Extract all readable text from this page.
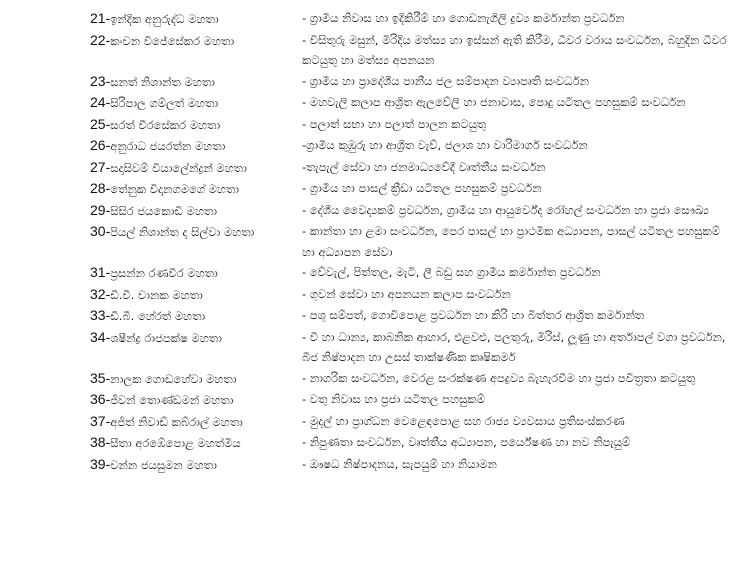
21-ඉන්දික අනුරුද්ධ මහතා	- ග්‍රාමීය නිවාස හා ඉදිකිරීම් හා ගොඩනැගිලි ද්‍රව්‍ය කර්මාන්ත ප්‍රවර්ධන
22-කංචන විජේසේකර මහතා	- විසිතුරු මසුන්, මිරිදිය මත්ස්‍ය හා ඉස්සන් ඇති කිරීම, ධීවර වරාය සංවර්ධන, බහුදින ධීවර කටයුතු හා මත්ස්‍ය අපනයන
23-සනත් නිශාන්ත මහතා	- ග්‍රාමීය හා ප්‍රාදේශීය පානීය ජල සම්පාදන ව්‍යාපෘති සංවර්ධන
24-සිරිපාල ගම්ලත් මහතා	- මහවැලි කලාප ආශ්‍රිත ඇලවේලි හා ජනාවාස, පොදු යටිතල පහසුකම් සංවර්ධන
25-සරත් වීරසේකර මහතා	- පලාත් සභා හා පලාත් පාලන කටයුතු
26-අනුරාධ ජයරත්න මහතා	-ග්‍රාමීය කුඹුරු හා ආශ්‍රිත වැව්, ජලාශ හා වාරිමාර්ග සංවර්ධන
27-සදාසිවම් වියාලේන්ද්‍රන් මහතා	-තැපැල් සේවා හා ජනමාධ්‍යවේදී වෘත්තීය සංවර්ධන
28-තේනුක විදානගමගේ මහතා	- ග්‍රාමීය හා පාසල් ක්‍රීඩා යටිතල පහසුකම් ප්‍රවර්ධන
29-සිසිර ජයකොඩි මහතා	- දේශීය වෛද්‍යකම් ප්‍රවර්ධන, ග්‍රාමීය හා ආයුර්වේද රෝහල් සංවර්ධන හා ප්‍රජා සෞඛ්‍ය
30-පියල් නිශාන්ත ද සිල්වා මහතා	- කාන්තා හා ළමා සංවර්ධන, පෙර පාසල් හා ප්‍රාථමික අධ්‍යාපන, පාසල් යටිතල පහසුකම් හා අධ්‍යාපන සේවා
31-ප්‍රසන්න රණවීර මහතා	- වේවැල්, පිත්තල, මැටි, ලී බඩු සහ ග්‍රාමීය කර්මාන්ත ප්‍රවර්ධන
32-ඩී.වී. චානක මහතා	- ගුවන් සේවා හා අපනයන කලාප සංවර්ධන
33-ඩී.බී. හේරත් මහතා	- පශු සම්පත්, ගොවිපොළ ප්‍රවර්ධන හා කිරි හා බිත්තර ආශ්‍රිත කර්මාන්ත
34-ශෂීන්ද්‍ර රාජපක්ෂ මහතා	- වී හා ධාන්‍ය, කාබනික ආහාර, එළවළු, පලතුරු, මිරිස්, ලූණු හා අර්තාපල් වගා ප්‍රවර්ධන, බීජ නිෂ්පාදන හා උසස් තාක්ෂණික කෘෂිකර්ම
35-නාලක ගොඩහේවා මහතා	- නාගරික සංවර්ධන, වෙරළ සංරක්ෂණ අපද්‍රව්‍ය බැහැරවීම හා ප්‍රජා පවිත්‍රතා කටයුතු
36-ජීවන් තොණ්ඩමන් මහතා	- වතු නිවාස හා ප්‍රජා යටිතල පහසුකම්
37-අජිත් නිවාඩ් කබ්රාල් මහතා	- මුදල් හා ප්‍රාග්ධන වෙළෙඳපොළ සහ රාජ්‍ය ව්‍යවසාය ප්‍රතිසංස්කරණ
38-සීතා අරඹේපොළ මහත්මිය	- නිපුණතා සංවර්ධන, වෘත්තීය අධ්‍යාපන, පර්යේෂණ හා නව නිපැයුම්
39-චන්න ජයසුමන මහතා	- ඖෂධ නිෂ්පාදනය, සැපයුම් හා නියාමන
